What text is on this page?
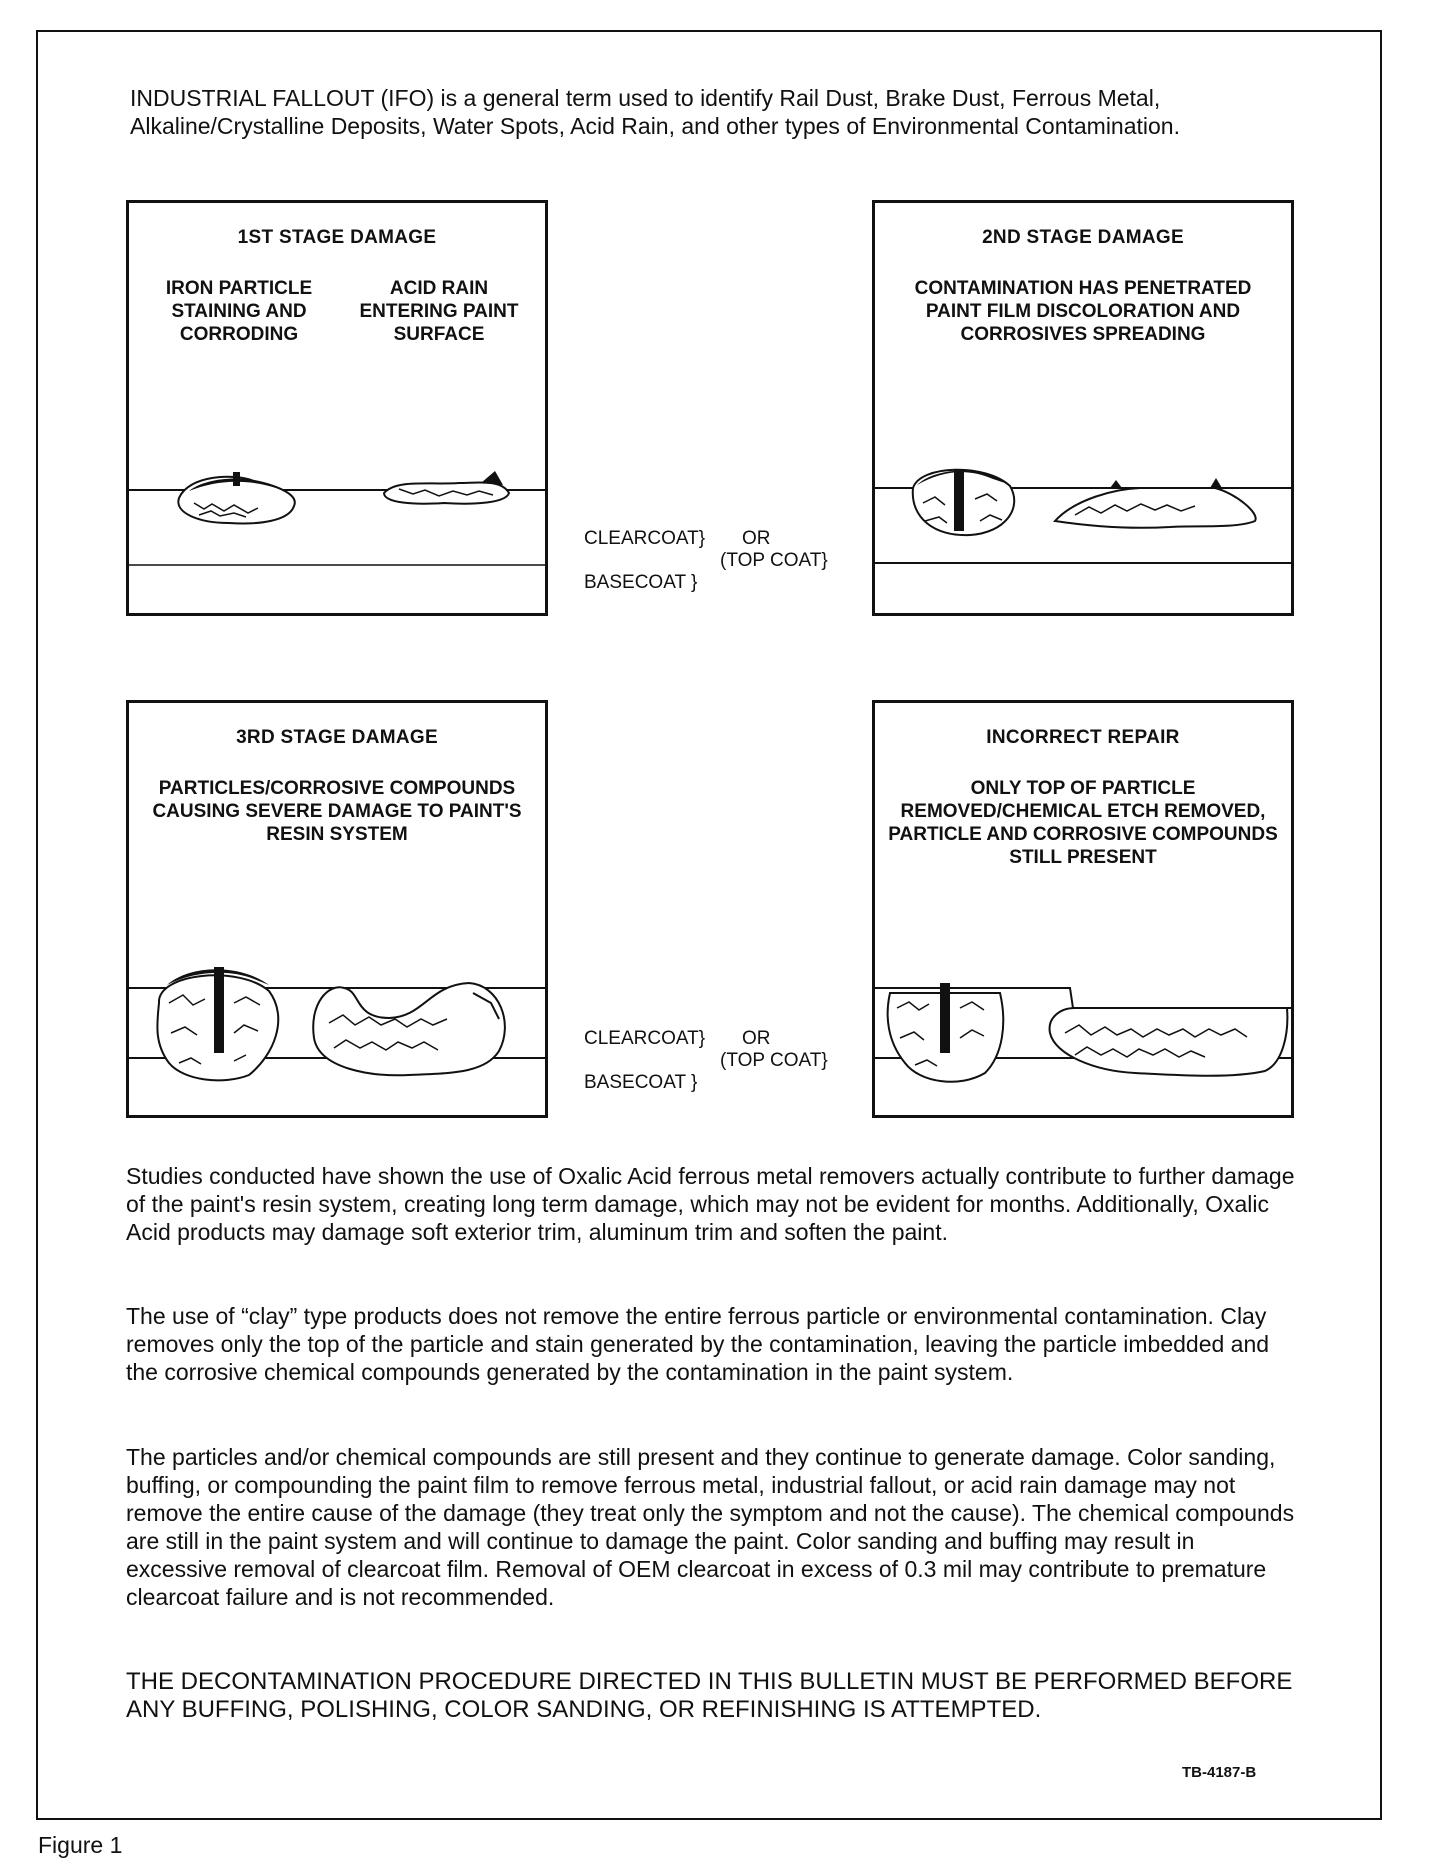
INDUSTRIAL FALLOUT (IFO) is a general term used to identify Rail Dust, Brake Dust, Ferrous Metal, Alkaline/Crystalline Deposits, Water Spots, Acid Rain, and other types of Environmental Contamination.

1ST STAGE DAMAGE
IRON PARTICLE STAINING AND CORRODING
ACID RAIN ENTERING PAINT SURFACE
2ND STAGE DAMAGE
CONTAMINATION HAS PENETRATED PAINT FILM DISCOLORATION AND CORROSIVES SPREADING
3RD STAGE DAMAGE
PARTICLES/CORROSIVE COMPOUNDS CAUSING SEVERE DAMAGE TO PAINT'S RESIN SYSTEM
INCORRECT REPAIR
ONLY TOP OF PARTICLE REMOVED/CHEMICAL ETCH REMOVED, PARTICLE AND CORROSIVE COMPOUNDS STILL PRESENT
CLEARCOAT} OR
(TOP COAT}
BASECOAT }
CLEARCOAT} OR
(TOP COAT}
BASECOAT }

Studies conducted have shown the use of Oxalic Acid ferrous metal removers actually contribute to further damage of the paint's resin system, creating long term damage, which may not be evident for months. Additionally, Oxalic Acid products may damage soft exterior trim, aluminum trim and soften the paint.

The use of “clay” type products does not remove the entire ferrous particle or environmental contamination. Clay removes only the top of the particle and stain generated by the contamination, leaving the particle imbedded and the corrosive chemical compounds generated by the contamination in the paint system.

The particles and/or chemical compounds are still present and they continue to generate damage. Color sanding, buffing, or compounding the paint film to remove ferrous metal, industrial fallout, or acid rain damage may not remove the entire cause of the damage (they treat only the symptom and not the cause). The chemical compounds are still in the paint system and will continue to damage the paint. Color sanding and buffing may result in excessive removal of clearcoat film. Removal of OEM clearcoat in excess of 0.3 mil may contribute to premature clearcoat failure and is not recommended.

THE DECONTAMINATION PROCEDURE DIRECTED IN THIS BULLETIN MUST BE PERFORMED BEFORE ANY BUFFING, POLISHING, COLOR SANDING, OR REFINISHING IS ATTEMPTED.

TB-4187-B
Figure 1
